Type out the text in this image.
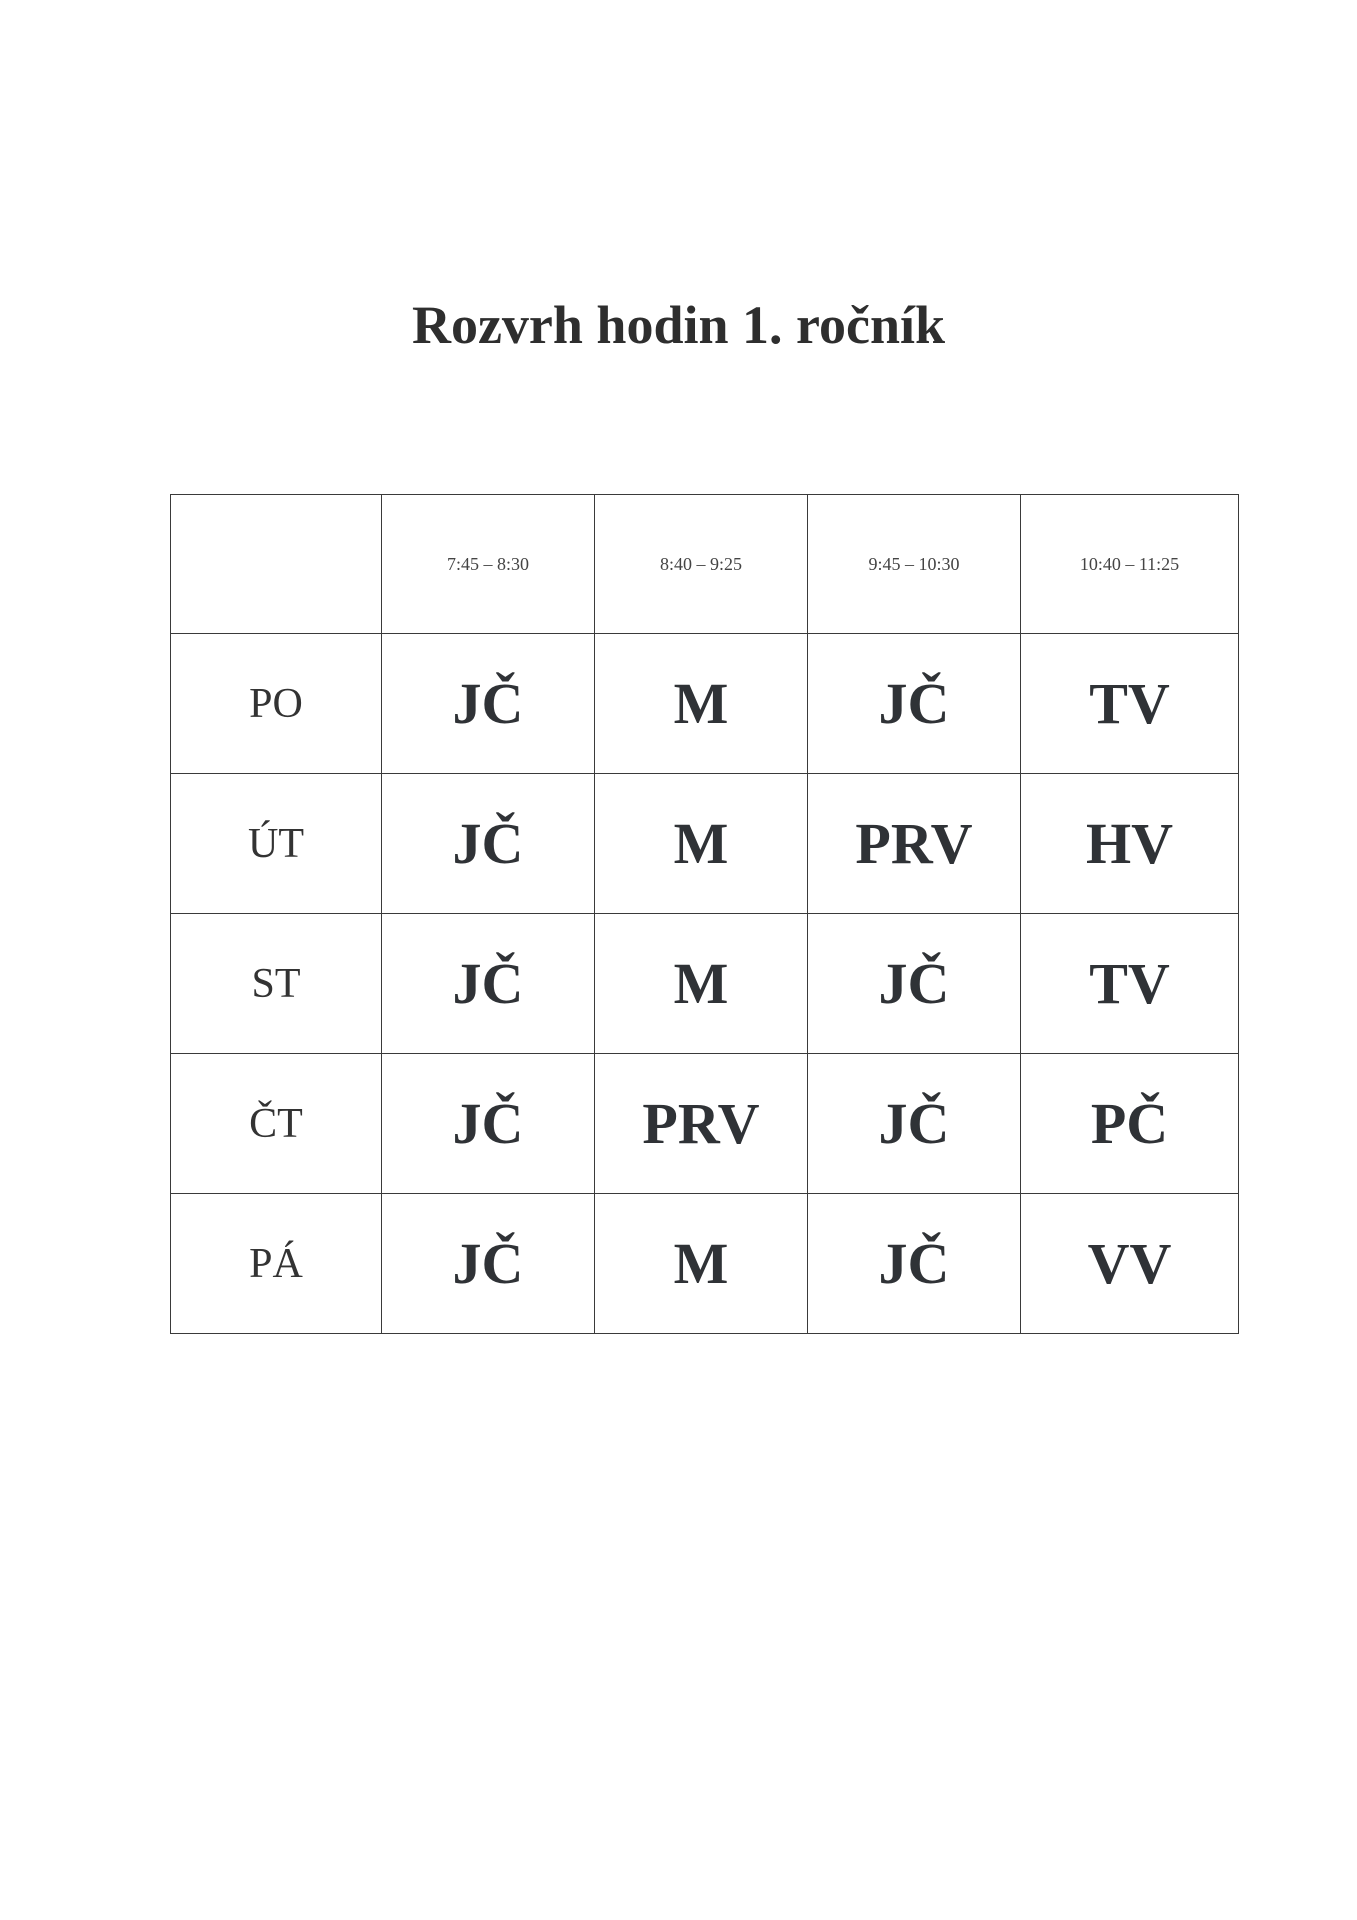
Rozvrh hodin 1. ročník
	7:45 – 8:30	8:40 – 9:25	9:45 – 10:30	10:40 – 11:25
PO	JČ	M	JČ	TV
ÚT	JČ	M	PRV	HV
ST	JČ	M	JČ	TV
ČT	JČ	PRV	JČ	PČ
PÁ	JČ	M	JČ	VV
